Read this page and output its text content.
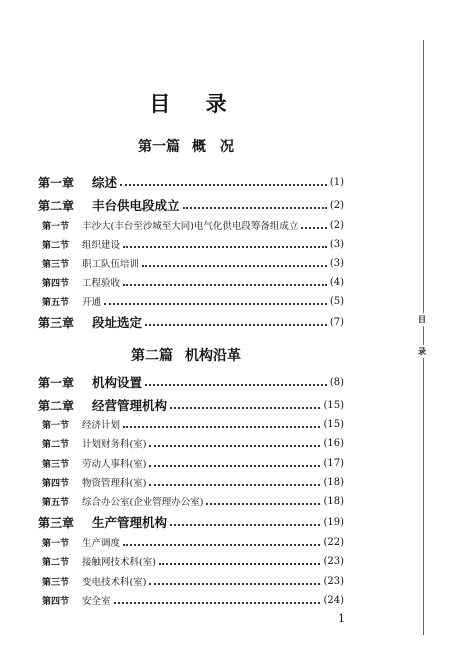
目 录
第一篇 概　况
第二篇 机构沿革
第一章	综述	(1)
第二章	丰台供电段成立	(2)
第一节	丰沙大(丰台至沙城至大同)电气化供电段筹备组成立	(2)
第二节	组织建设	(3)
第三节	职工队伍培训	(3)
第四节	工程验收	(4)
第五节	开通	(5)
第三章	段址选定	(7)
第一章	机构设置	(8)
第二章	经营管理机构	(15)
第一节	经济计划	(15)
第二节	计划财务科(室)	(16)
第三节	劳动人事科(室)	(17)
第四节	物资管理科(室)	(18)
第五节	综合办公室(企业管理办公室)	(18)
第三章	生产管理机构	(19)
第一节	生产调度	(22)
第二节	接触网技术科(室)	(23)
第三节	变电技术科(室)	(23)
第四节	安全室	(24)
目
录
1
